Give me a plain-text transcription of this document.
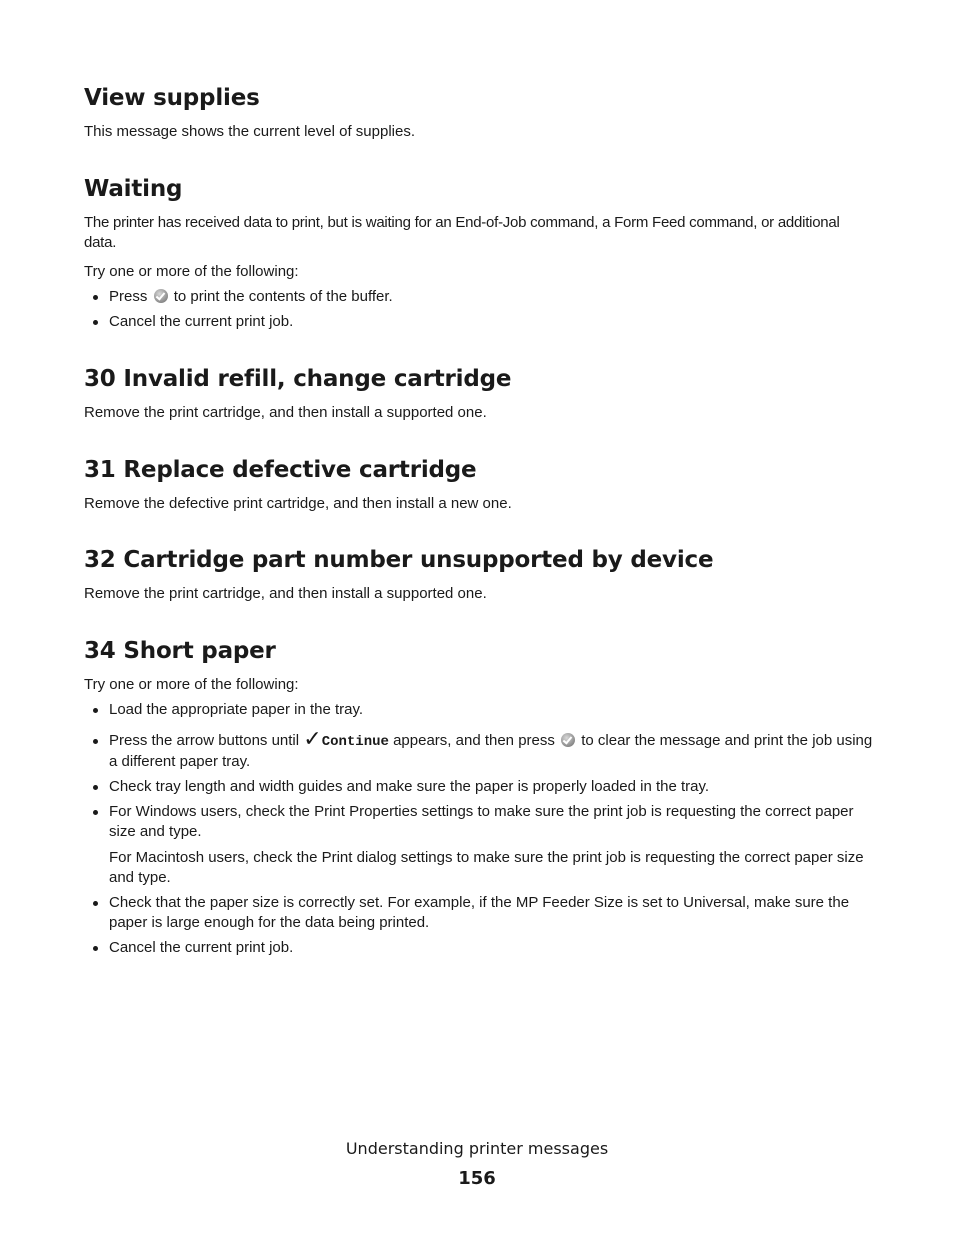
View supplies

This message shows the current level of supplies.

Waiting

The printer has received data to print, but is waiting for an End-of-Job command, a Form Feed command, or additional data.

Try one or more of the following:

Press to print the contents of the buffer.
Cancel the current print job.
30 Invalid refill, change cartridge

Remove the print cartridge, and then install a supported one.

31 Replace defective cartridge

Remove the defective print cartridge, and then install a new one.

32 Cartridge part number unsupported by device

Remove the print cartridge, and then install a supported one.

34 Short paper

Try one or more of the following:

Load the appropriate paper in the tray.
Press the arrow buttons until ✓Continue appears, and then press to clear the message and print the job using a different paper tray.
Check tray length and width guides and make sure the paper is properly loaded in the tray.
For Windows users, check the Print Properties settings to make sure the print job is requesting the correct paper size and type.
For Macintosh users, check the Print dialog settings to make sure the print job is requesting the correct paper size and type.
Check that the paper size is correctly set. For example, if the MP Feeder Size is set to Universal, make sure the paper is large enough for the data being printed.
Cancel the current print job.
Understanding printer messages
156
